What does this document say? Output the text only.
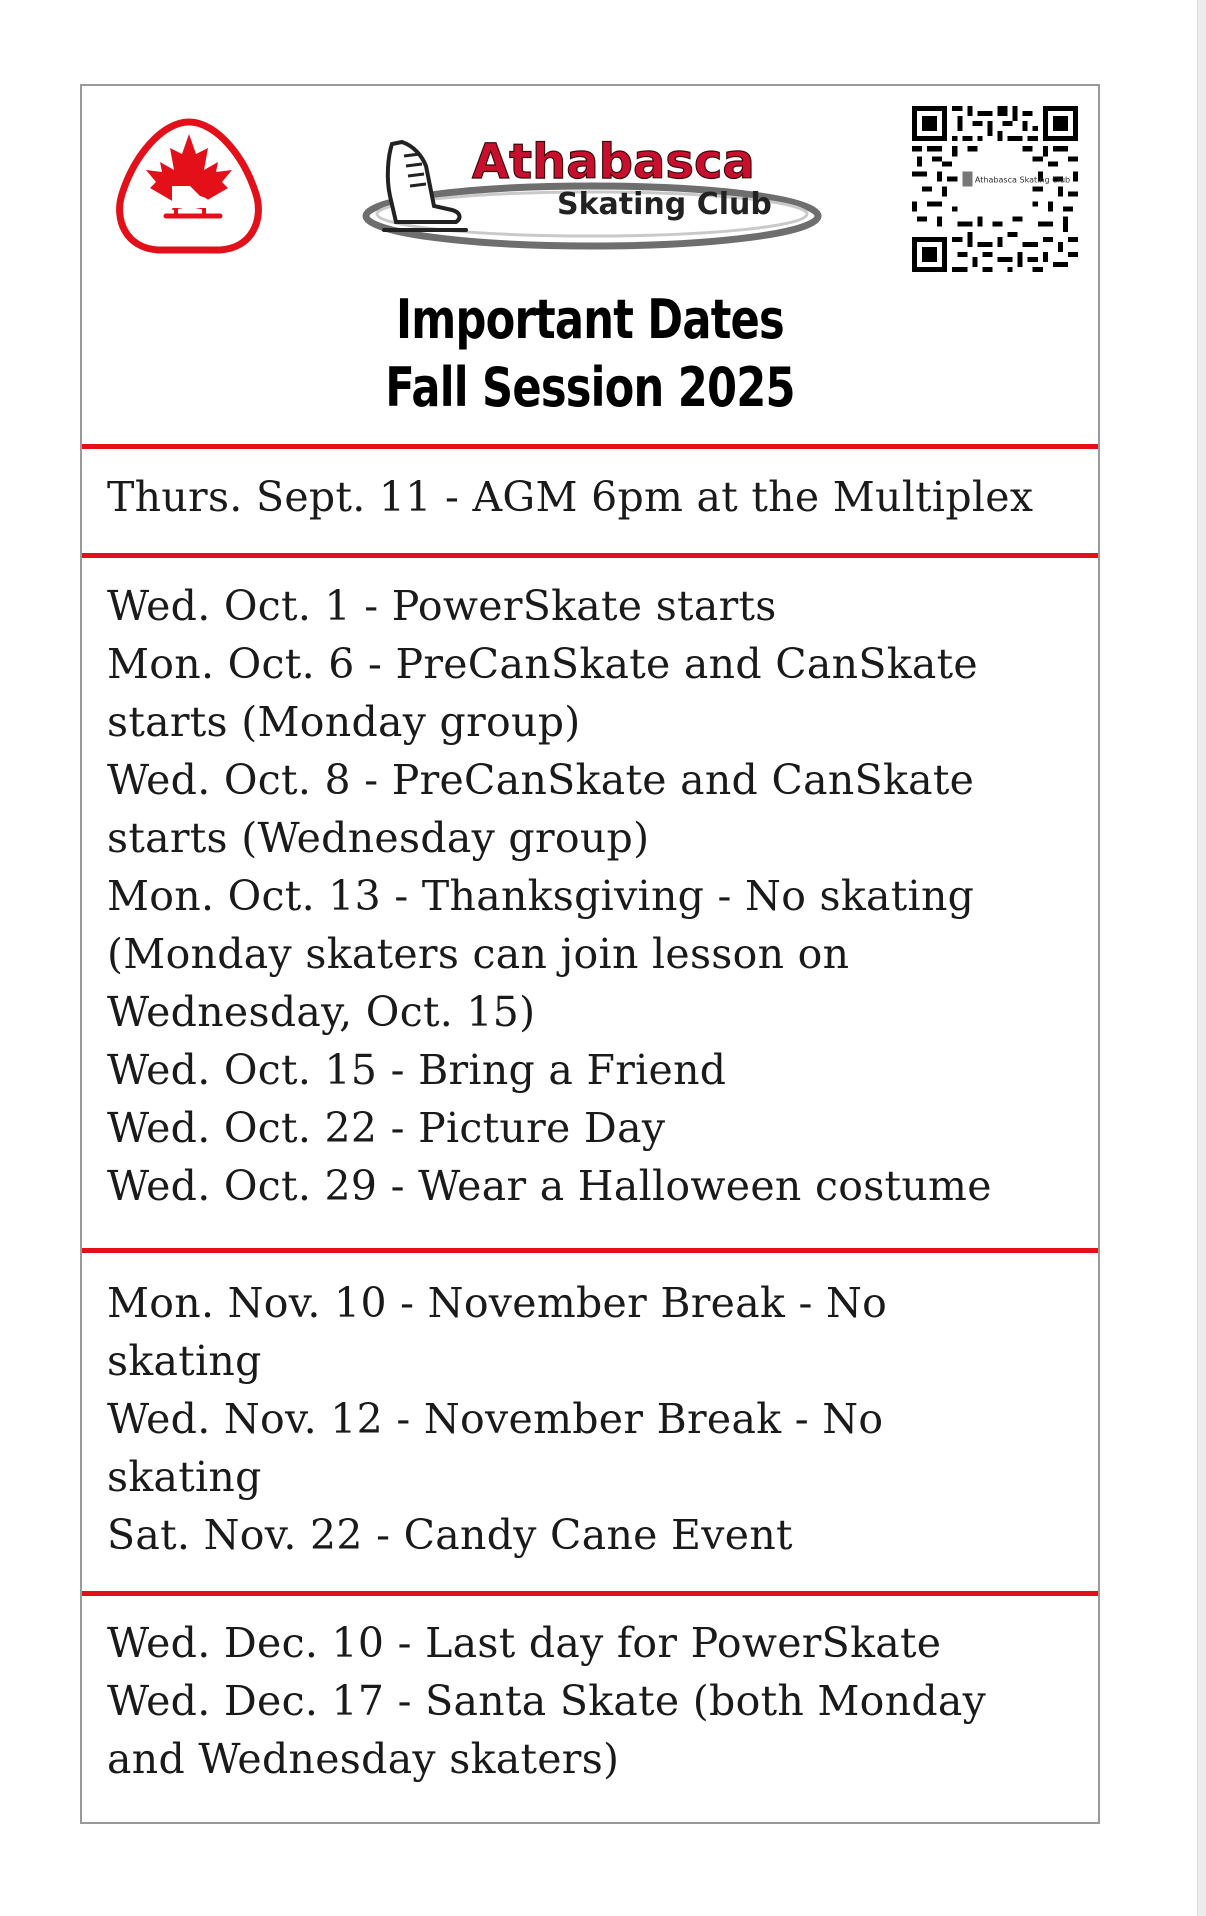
Athabasca
Skating Club
Athabasca Skating Club
Important Dates
Fall Session 2025
Thurs. Sept. 11 - AGM 6pm at the Multiplex
Wed. Oct. 1 - PowerSkate starts
Mon. Oct. 6 - PreCanSkate and CanSkate
starts (Monday group)
Wed. Oct. 8 - PreCanSkate and CanSkate
starts (Wednesday group)
Mon. Oct. 13 - Thanksgiving - No skating
(Monday skaters can join lesson on
Wednesday, Oct. 15)
Wed. Oct. 15 - Bring a Friend
Wed. Oct. 22 - Picture Day
Wed. Oct. 29 - Wear a Halloween costume
Mon. Nov. 10 - November Break - No
skating
Wed. Nov. 12 - November Break - No
skating
Sat. Nov. 22 - Candy Cane Event
Wed. Dec. 10 - Last day for PowerSkate
Wed. Dec. 17 - Santa Skate (both Monday
and Wednesday skaters)
